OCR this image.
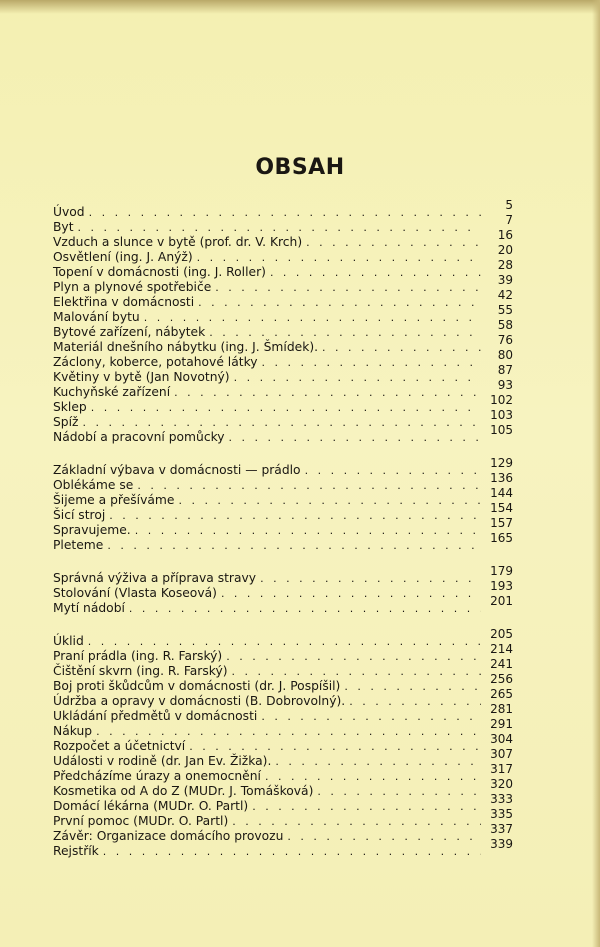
OBSAH
Úvod . . .	5
Byt . . .	7
Vzduch a slunce v bytě (prof. dr. V. Krch) . . .	16
Osvětlení (ing. J. Anýž) . . .	20
Topení v domácnosti (ing. J. Roller) . . .	28
Plyn a plynové spotřebiče . . .	39
Elektřina v domácnosti . . .	42
Malování bytu . . .	55
Bytové zařízení, nábytek . . .	58
Materiál dnešního nábytku (ing. J. Šmídek). . . .	76
Záclony, koberce, potahové látky . . .	80
Květiny v bytě (Jan Novotný) . . .	87
Kuchyňské zařízení . . .	93
Sklep . . .	102
Spíž . . .	103
Nádobí a pracovní pomůcky . . .	105
Základní výbava v domácnosti — prádlo . . .	129
Oblékáme se . . .	136
Šijeme a přešíváme . . .	144
Šicí stroj . . .	154
Spravujeme. . . .	157
Pleteme . . .	165
Správná výživa a příprava stravy . . .	179
Stolování (Vlasta Koseová) . . .	193
Mytí nádobí . . .	201
Úklid . . .	205
Praní prádla (ing. R. Farský) . . .	214
Čištění skvrn (ing. R. Farský) . . .	241
Boj proti škůdcům v domácnosti (dr. J. Pospíšil) . . .	256
Údržba a opravy v domácnosti (B. Dobrovolný). . . .	265
Ukládání předmětů v domácnosti . . .	281
Nákup . . .	291
Rozpočet a účetnictví . . .	304
Události v rodině (dr. Jan Ev. Žižka). . . .	307
Předcházíme úrazy a onemocnění . . .	317
Kosmetika od A do Z (MUDr. J. Tomášková) . . .	320
Domácí lékárna (MUDr. O. Partl) . . .	333
První pomoc (MUDr. O. Partl) . . .	335
Závěr: Organizace domácího provozu . . .	337
Rejstřík . . .	339
